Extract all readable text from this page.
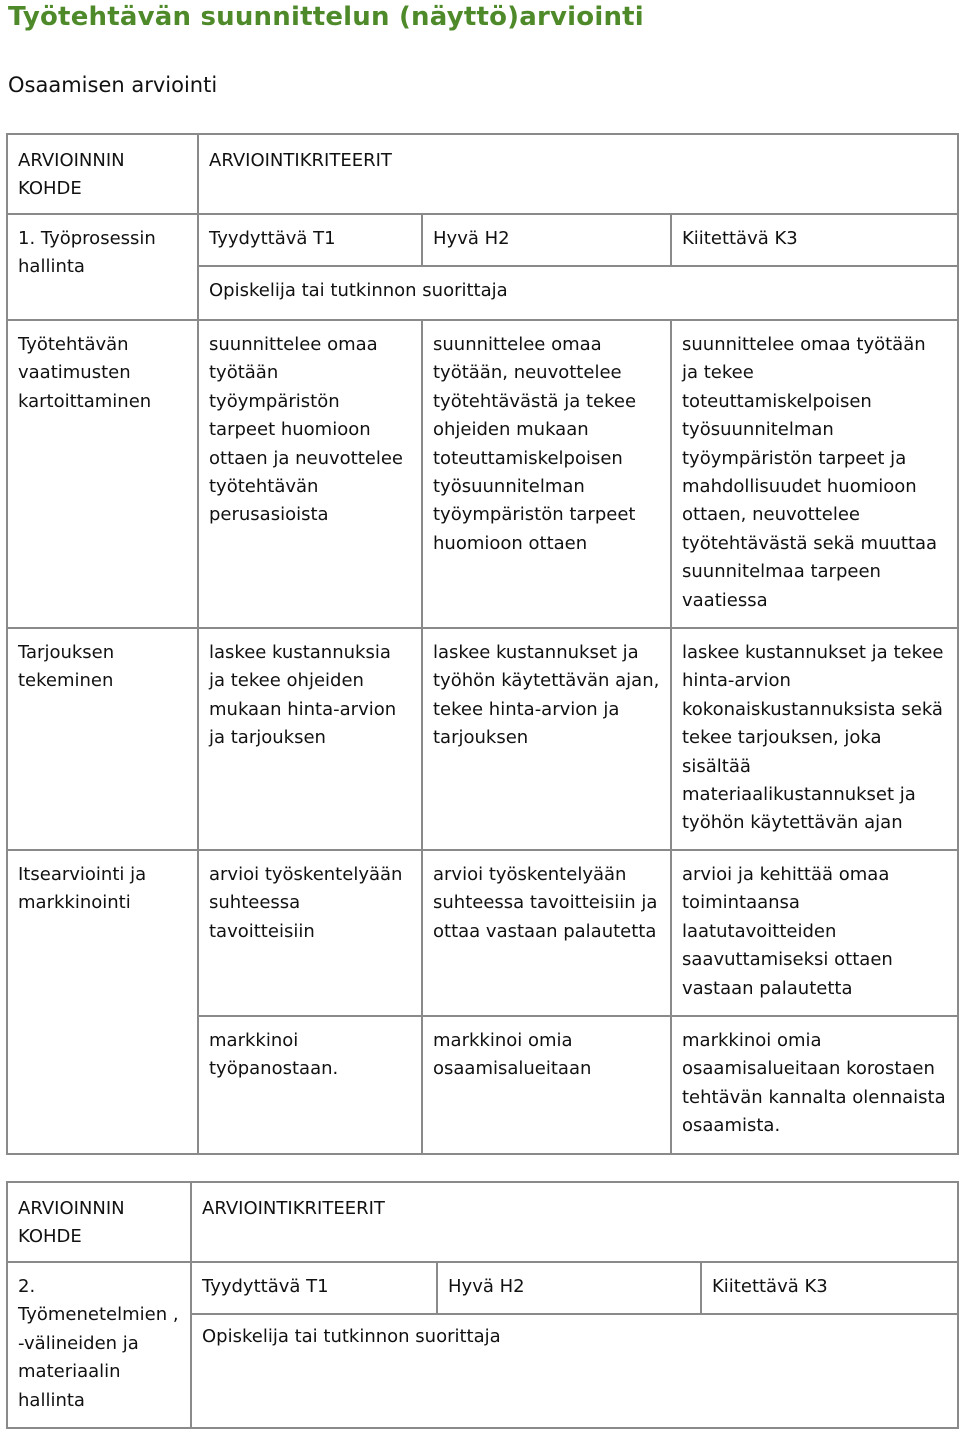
Työtehtävän suunnittelun (näyttö)arviointi
Osaamisen arviointi
ARVIOINNIN KOHDE	ARVIOINTIKRITEERIT		
1. Työprosessin hallinta	Tyydyttävä T1	Hyvä H2	Kiitettävä K3
	Opiskelija tai tutkinnon suorittaja		
Työtehtävän vaatimusten kartoittaminen	suunnittelee omaa työtään työympäristön tarpeet huomioon ottaen ja neuvottelee työtehtävän perusasioista	suunnittelee omaa työtään, neuvottelee työtehtävästä ja tekee ohjeiden mukaan toteuttamiskelpoisen työsuunnitelman työympäristön tarpeet huomioon ottaen	suunnittelee omaa työtään ja tekee toteuttamiskelpoisen työsuunnitelman työympäristön tarpeet ja mahdollisuudet huomioon ottaen, neuvottelee työtehtävästä sekä muuttaa suunnitelmaa tarpeen vaatiessa
Tarjouksen tekeminen	laskee kustannuksia ja tekee ohjeiden mukaan hinta-arvion ja tarjouksen	laskee kustannukset ja työhön käytettävän ajan, tekee hinta-arvion ja tarjouksen	laskee kustannukset ja tekee hinta-arvion kokonaiskustannuksista sekä tekee tarjouksen, joka sisältää materiaalikustannukset ja työhön käytettävän ajan
Itsearviointi ja markkinointi	arvioi työskentelyään suhteessa tavoitteisiin	arvioi työskentelyään suhteessa tavoitteisiin ja ottaa vastaan palautetta	arvioi ja kehittää omaa toimintaansa laatutavoitteiden saavuttamiseksi ottaen vastaan palautetta
	markkinoi työpanostaan.	markkinoi omia osaamisalueitaan	markkinoi omia osaamisalueitaan korostaen tehtävän kannalta olennaista osaamista.
ARVIOINNIN KOHDE	ARVIOINTIKRITEERIT		
2. Työmenetelmien , -välineiden ja materiaalin hallinta	Tyydyttävä T1	Hyvä H2	Kiitettävä K3
	Opiskelija tai tutkinnon suorittaja		
